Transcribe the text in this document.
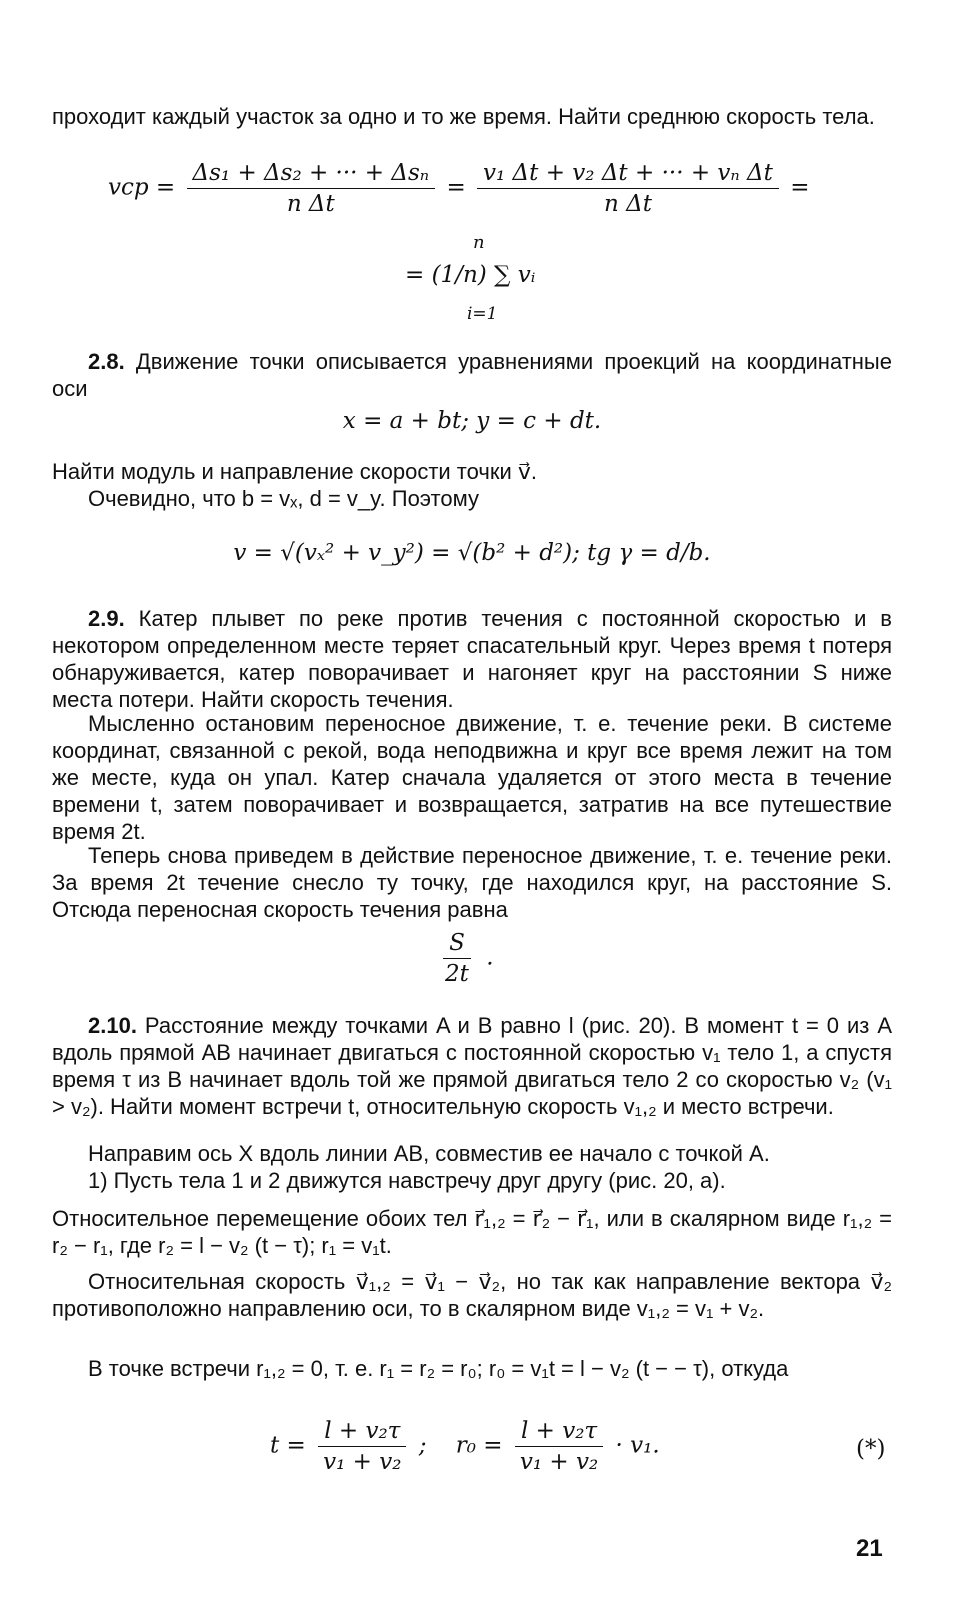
проходит каждый участок за одно и то же время. Найти среднюю скорость тела.
vср = $\frac{\text{Δs₁ + Δs₂ + ··· + Δsₙ}}{\text{n Δt}} = \frac{\text{v₁ Δt + v₂ Δt + ··· + vₙ Δt}}{\text{n Δt}}$ =
n
= (1/n) ∑ vᵢ
i=1
2.8. Движение точки описывается уравнениями проекций на координатные оси
x = a + bt; y = c + dt.
Найти модуль и направление скорости точки v⃗.
Очевидно, что b = vₓ, d = v_y. Поэтому
v = √(vₓ² + v_y²) = √(b² + d²); tg γ = d/b.
2.9. Катер плывет по реке против течения с постоянной скоростью и в некотором определенном месте теряет спасательный круг. Через время t потеря обнаруживается, катер поворачивает и нагоняет круг на расстоянии S ниже места потери. Найти скорость течения.
Мысленно остановим переносное движение, т. е. течение реки. В системе координат, связанной с рекой, вода неподвижна и круг все время лежит на том же месте, куда он упал. Катер сначала удаляется от этого места в течение времени t, затем поворачивает и возвращается, затратив на все путешествие время 2t.
Теперь снова приведем в действие переносное движение, т. е. течение реки. За время 2t течение снесло ту точку, где находился круг, на расстояние S. Отсюда переносная скорость течения равна
$\frac{S}{2t}$ .
2.10. Расстояние между точками A и B равно l (рис. 20). В момент t = 0 из A вдоль прямой AB начинает двигаться с постоянной скоростью v₁ тело 1, а спустя время τ из B начинает вдоль той же прямой двигаться тело 2 со скоростью v₂ (v₁ > v₂). Найти момент встречи t, относительную скорость v₁,₂ и место встречи.
Направим ось X вдоль линии AB, совместив ее начало с точкой A.
1) Пусть тела 1 и 2 движутся навстречу друг другу (рис. 20, a).
Относительное перемещение обоих тел r⃗₁,₂ = r⃗₂ − r⃗₁, или в скалярном виде r₁,₂ = r₂ − r₁, где r₂ = l − v₂ (t − τ); r₁ = v₁t.
Относительная скорость v⃗₁,₂ = v⃗₁ − v⃗₂, но так как направление вектора v⃗₂ противоположно направлению оси, то в скалярном виде v₁,₂ = v₁ + v₂.
В точке встречи r₁,₂ = 0, т. е. r₁ = r₂ = r₀; r₀ = v₁t = l − v₂ (t − − τ), откуда
$t = \frac{\text{l + v₂τ}}{\text{v₁ + v₂}}$ ; $r_0 = \frac{\text{l + v₂τ}}{\text{v₁ + v₂}} \cdot v_1$.	(*)
21
